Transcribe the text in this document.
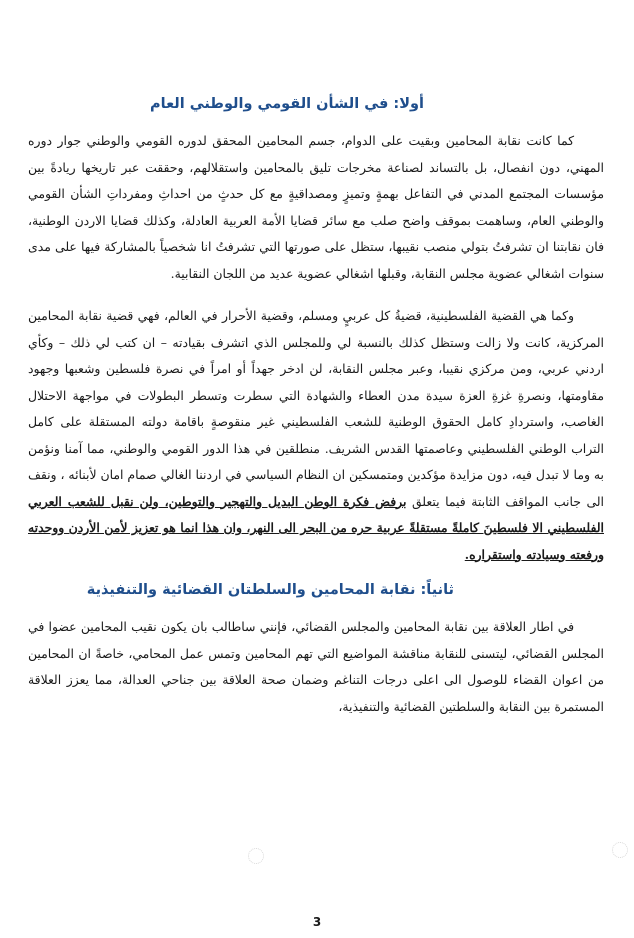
أولا: في الشأن القومي والوطني العام

كما كانت نقابة المحامين وبقيت على الدوام، جسم المحامين المحقق لدوره القومي والوطني جوار دوره المهني، دون انفصال، بل بالتساند لصناعة مخرجات تليق بالمحامين واستقلالهم، وحققت عبر تاريخها ريادةً بين مؤسسات المجتمع المدني في التفاعل بهمةٍ وتميزٍ ومصداقيةٍ مع كل حدثٍ من احداثِ ومفرداتِ الشأن القومي والوطني العام، وساهمت بموقف واضح صلب مع سائر قضايا الأمة العربية العادلة، وكذلك قضايا الاردن الوطنية، فان نقابتنا ان تشرفتُ بتولي منصب نقيبها، ستظل على صورتها التي تشرفتُ انا شخصياً بالمشاركة فيها على مدى سنوات اشغالي عضوية مجلس النقابة، وقبلها اشغالي عضوية عديد من اللجان النقابية.

وكما هي القضية الفلسطينية، قضيةُ كل عربيٍ ومسلم، وقضية الأحرار في العالم، فهي قضية نقابة المحامين المركزية، كانت ولا زالت وستظل كذلك بالنسبة لي وللمجلس الذي اتشرف بقيادته – ان كتب لي ذلك – وكأي اردني عربي، ومن مركزي نقيبا، وعبر مجلس النقابة، لن ادخر جهداً أو امراً في نصرة فلسطين وشعبها وجهود مقاومتها، ونصرةِ غزةِ العزة سيدة مدن العطاء والشهادة التي سطرت وتسطر البطولات في مواجهة الاحتلال الغاصب، واستردادِ كامل الحقوق الوطنية للشعب الفلسطيني غير منقوصةٍ باقامة دولته المستقلة على كامل التراب الوطني الفلسطيني وعاصمتها القدس الشريف. منطلقين في هذا الدور القومي والوطني، مما آمنا ونؤمن به وما لا تبدل فيه، دون مزايدة مؤكدين ومتمسكين ان النظام السياسي في اردننا الغالي صمام امان لأبنائه ، ونقف الى جانب المواقف الثابتة فيما يتعلق برفض فكرة الوطن البديل والتهجير والتوطين، ولن نقبل للشعب العربي الفلسطيني الا فلسطينَ كاملةً مستقلةً عربية حره من البحر الى النهر، وان هذا انما هو تعزيز لأمن الأردن ووحدته ورفعته وسيادته واستقراره.

ثانياً: نقابة المحامين والسلطتان القضائية والتنفيذية

في اطار العلاقة بين نقابة المحامين والمجلس القضائي، فإنني ساطالب بان يكون نقيب المحامين عضوا في المجلس القضائي، ليتسنى للنقابة مناقشة المواضيع التي تهم المحامين وتمس عمل المحامي، خاصةً ان المحامين من اعوان القضاء للوصول الى اعلى درجات التناغم وضمان صحة العلاقة بين جناحي العدالة، مما يعزز العلاقة المستمرة بين النقابة والسلطتين القضائية والتنفيذية،

3
